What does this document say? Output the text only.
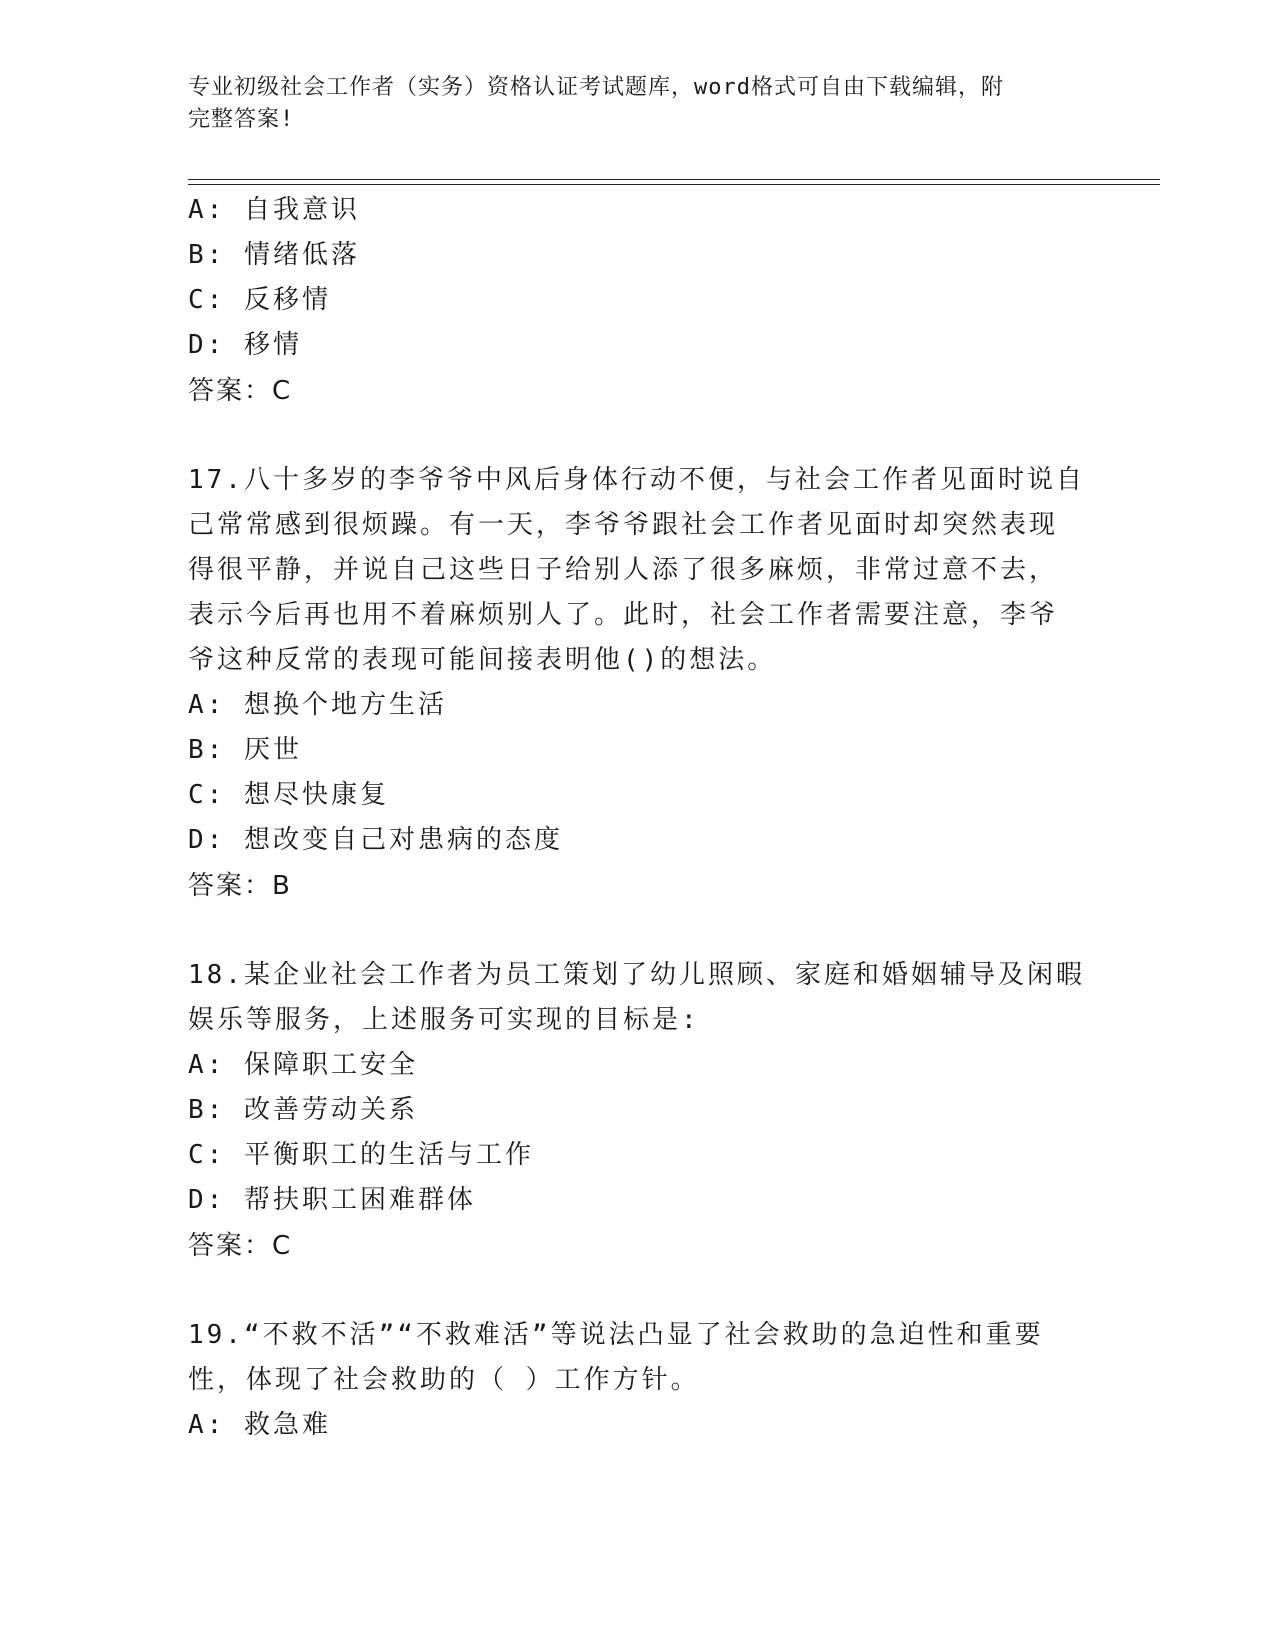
专业初级社会工作者（实务）资格认证考试题库，word格式可自由下载编辑，附
完整答案!

A: 自我意识

B: 情绪低落

C: 反移情

D: 移情

答案：C

17.八十多岁的李爷爷中风后身体行动不便，与社会工作者见面时说自

己常常感到很烦躁。有一天，李爷爷跟社会工作者见面时却突然表现

得很平静，并说自己这些日子给别人添了很多麻烦，非常过意不去，

表示今后再也用不着麻烦别人了。此时，社会工作者需要注意，李爷

爷这种反常的表现可能间接表明他()的想法。

A: 想换个地方生活

B: 厌世

C: 想尽快康复

D: 想改变自己对患病的态度

答案：B

18.某企业社会工作者为员工策划了幼儿照顾、家庭和婚姻辅导及闲暇

娱乐等服务，上述服务可实现的目标是:

A: 保障职工安全

B: 改善劳动关系

C: 平衡职工的生活与工作

D: 帮扶职工困难群体

答案：C

19.“不救不活”“不救难活”等说法凸显了社会救助的急迫性和重要

性，体现了社会救助的（ ）工作方针。

A: 救急难
